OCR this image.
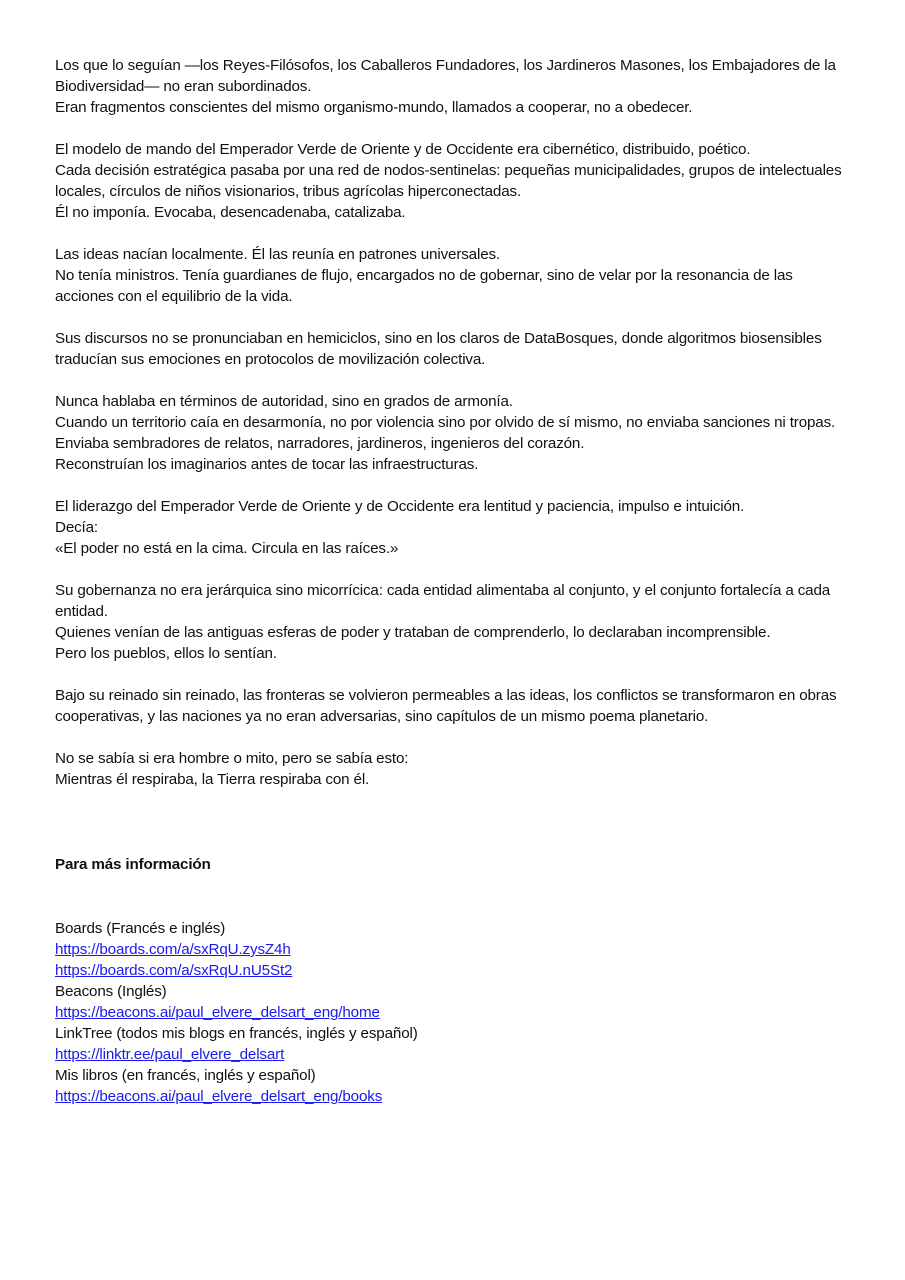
Los que lo seguían —los Reyes-Filósofos, los Caballeros Fundadores, los Jardineros Masones, los Embajadores de la Biodiversidad— no eran subordinados.
Eran fragmentos conscientes del mismo organismo-mundo, llamados a cooperar, no a obedecer.

El modelo de mando del Emperador Verde de Oriente y de Occidente era cibernético, distribuido, poético.
Cada decisión estratégica pasaba por una red de nodos-sentinelas: pequeñas municipalidades, grupos de intelectuales locales, círculos de niños visionarios, tribus agrícolas hiperconectadas.
Él no imponía. Evocaba, desencadenaba, catalizaba.

Las ideas nacían localmente. Él las reunía en patrones universales.
No tenía ministros. Tenía guardianes de flujo, encargados no de gobernar, sino de velar por la resonancia de las acciones con el equilibrio de la vida.

Sus discursos no se pronunciaban en hemiciclos, sino en los claros de DataBosques, donde algoritmos biosensibles traducían sus emociones en protocolos de movilización colectiva.

Nunca hablaba en términos de autoridad, sino en grados de armonía.
Cuando un territorio caía en desarmonía, no por violencia sino por olvido de sí mismo, no enviaba sanciones ni tropas.
Enviaba sembradores de relatos, narradores, jardineros, ingenieros del corazón.
Reconstruían los imaginarios antes de tocar las infraestructuras.

El liderazgo del Emperador Verde de Oriente y de Occidente era lentitud y paciencia, impulso e intuición.
Decía:
«El poder no está en la cima. Circula en las raíces.»

Su gobernanza no era jerárquica sino micorrícica: cada entidad alimentaba al conjunto, y el conjunto fortalecía a cada entidad.
Quienes venían de las antiguas esferas de poder y trataban de comprenderlo, lo declaraban incomprensible.
Pero los pueblos, ellos lo sentían.

Bajo su reinado sin reinado, las fronteras se volvieron permeables a las ideas, los conflictos se transformaron en obras cooperativas, y las naciones ya no eran adversarias, sino capítulos de un mismo poema planetario.

No se sabía si era hombre o mito, pero se sabía esto:
Mientras él respiraba, la Tierra respiraba con él.

Para más información
Boards (Francés e inglés)
https://boards.com/a/sxRqU.zysZ4h
https://boards.com/a/sxRqU.nU5St2
Beacons (Inglés)
https://beacons.ai/paul_elvere_delsart_eng/home
LinkTree (todos mis blogs en francés, inglés y español)
https://linktr.ee/paul_elvere_delsart
Mis libros (en francés, inglés y español)
https://beacons.ai/paul_elvere_delsart_eng/books
